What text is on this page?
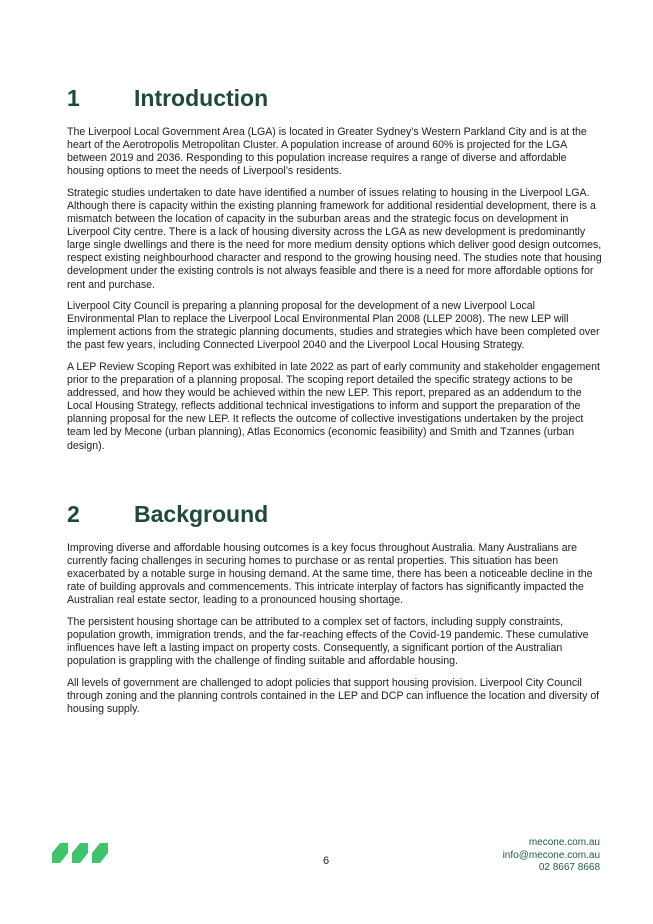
1	Introduction

The Liverpool Local Government Area (LGA) is located in Greater Sydney’s Western Parkland City and is at the heart of the Aerotropolis Metropolitan Cluster. A population increase of around 60% is projected for the LGA between 2019 and 2036. Responding to this population increase requires a range of diverse and affordable housing options to meet the needs of Liverpool’s residents.

Strategic studies undertaken to date have identified a number of issues relating to housing in the Liverpool LGA. Although there is capacity within the existing planning framework for additional residential development, there is a mismatch between the location of capacity in the suburban areas and the strategic focus on development in Liverpool City centre. There is a lack of housing diversity across the LGA as new development is predominantly large single dwellings and there is the need for more medium density options which deliver good design outcomes, respect existing neighbourhood character and respond to the growing housing need. The studies note that housing development under the existing controls is not always feasible and there is a need for more affordable options for rent and purchase.

Liverpool City Council is preparing a planning proposal for the development of a new Liverpool Local Environmental Plan to replace the Liverpool Local Environmental Plan 2008 (LLEP 2008). The new LEP will implement actions from the strategic planning documents, studies and strategies which have been completed over the past few years, including Connected Liverpool 2040 and the Liverpool Local Housing Strategy.

A LEP Review Scoping Report was exhibited in late 2022 as part of early community and stakeholder engagement prior to the preparation of a planning proposal. The scoping report detailed the specific strategy actions to be addressed, and how they would be achieved within the new LEP. This report, prepared as an addendum to the Local Housing Strategy, reflects additional technical investigations to inform and support the preparation of the planning proposal for the new LEP. It reflects the outcome of collective investigations undertaken by the project team led by Mecone (urban planning), Atlas Economics (economic feasibility) and Smith and Tzannes (urban design).

2	Background

Improving diverse and affordable housing outcomes is a key focus throughout Australia. Many Australians are currently facing challenges in securing homes to purchase or as rental properties. This situation has been exacerbated by a notable surge in housing demand. At the same time, there has been a noticeable decline in the rate of building approvals and commencements. This intricate interplay of factors has significantly impacted the Australian real estate sector, leading to a pronounced housing shortage.

The persistent housing shortage can be attributed to a complex set of factors, including supply constraints, population growth, immigration trends, and the far-reaching effects of the Covid-19 pandemic. These cumulative influences have left a lasting impact on property costs. Consequently, a significant portion of the Australian population is grappling with the challenge of finding suitable and affordable housing.

All levels of government are challenged to adopt policies that support housing provision. Liverpool City Council through zoning and the planning controls contained in the LEP and DCP can influence the location and diversity of housing supply.

6
mecone.com.au
info@mecone.com.au
02 8667 8668
